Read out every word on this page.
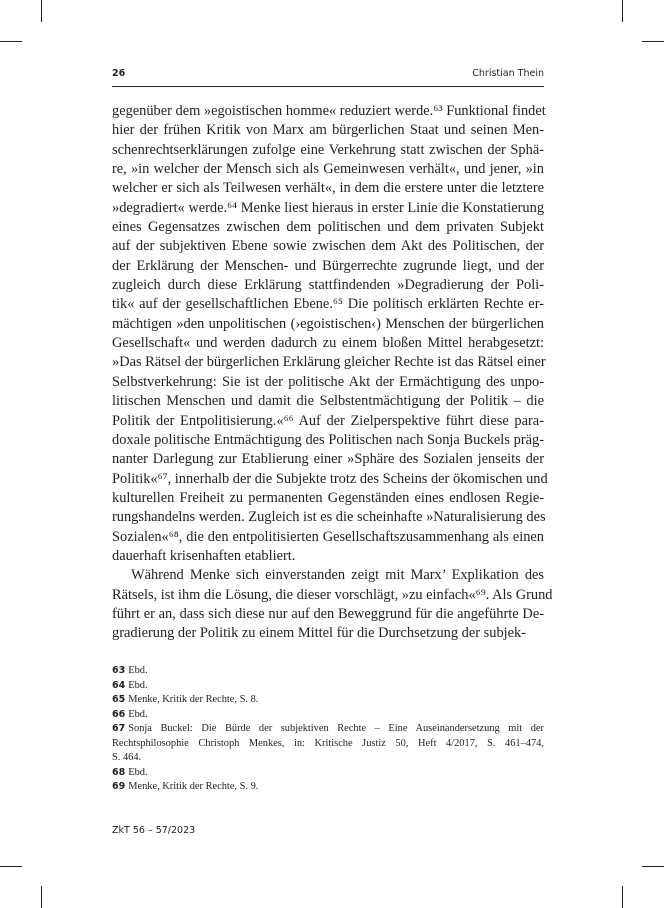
26	Christian Thein
gegenüber dem »egoistischen homme« reduziert werde.⁶³ Funktional findet
hier der frühen Kritik von Marx am bürgerlichen Staat und seinen Men-
schenrechtserklärungen zufolge eine Verkehrung statt zwischen der Sphä-
re, »in welcher der Mensch sich als Gemeinwesen verhält«, und jener, »in
welcher er sich als Teilwesen verhält«, in dem die erstere unter die letztere
»degradiert« werde.⁶⁴ Menke liest hieraus in erster Linie die Konstatierung
eines Gegensatzes zwischen dem politischen und dem privaten Subjekt
auf der subjektiven Ebene sowie zwischen dem Akt des Politischen, der
der Erklärung der Menschen- und Bürgerrechte zugrunde liegt, und der
zugleich durch diese Erklärung stattfindenden »Degradierung der Poli-
tik« auf der gesellschaftlichen Ebene.⁶⁵ Die politisch erklärten Rechte er-
mächtigen »den unpolitischen (›egoistischen‹) Menschen der bürgerlichen
Gesellschaft« und werden dadurch zu einem bloßen Mittel herabgesetzt:
»Das Rätsel der bürgerlichen Erklärung gleicher Rechte ist das Rätsel einer
Selbstverkehrung: Sie ist der politische Akt der Ermächtigung des unpo-
litischen Menschen und damit die Selbstentmächtigung der Politik – die
Politik der Entpolitisierung.«⁶⁶ Auf der Zielperspektive führt diese para-
doxale politische Entmächtigung des Politischen nach Sonja Buckels präg-
nanter Darlegung zur Etablierung einer »Sphäre des Sozialen jenseits der
Politik«⁶⁷, innerhalb der die Subjekte trotz des Scheins der ökomischen und
kulturellen Freiheit zu permanenten Gegenständen eines endlosen Regie-
rungshandelns werden. Zugleich ist es die scheinhafte »Naturalisierung des
Sozialen«⁶⁸, die den entpolitisierten Gesellschaftszusammenhang als einen
dauerhaft krisenhaften etabliert.
Während Menke sich einverstanden zeigt mit Marx’ Explikation des
Rätsels, ist ihm die Lösung, die dieser vorschlägt, »zu einfach«⁶⁹. Als Grund
führt er an, dass sich diese nur auf den Beweggrund für die angeführte De-
gradierung der Politik zu einem Mittel für die Durchsetzung der subjek-
63 Ebd.
64 Ebd.
65 Menke, Kritik der Rechte, S. 8.
66 Ebd.
67 Sonja Buckel: Die Bürde der subjektiven Rechte – Eine Auseinandersetzung mit der
Rechtsphilosophie Christoph Menkes, in: Kritische Justiz 50, Heft 4/2017, S. 461–474,
S. 464.
68 Ebd.
69 Menke, Kritik der Rechte, S. 9.
ZkT 56 – 57/2023
